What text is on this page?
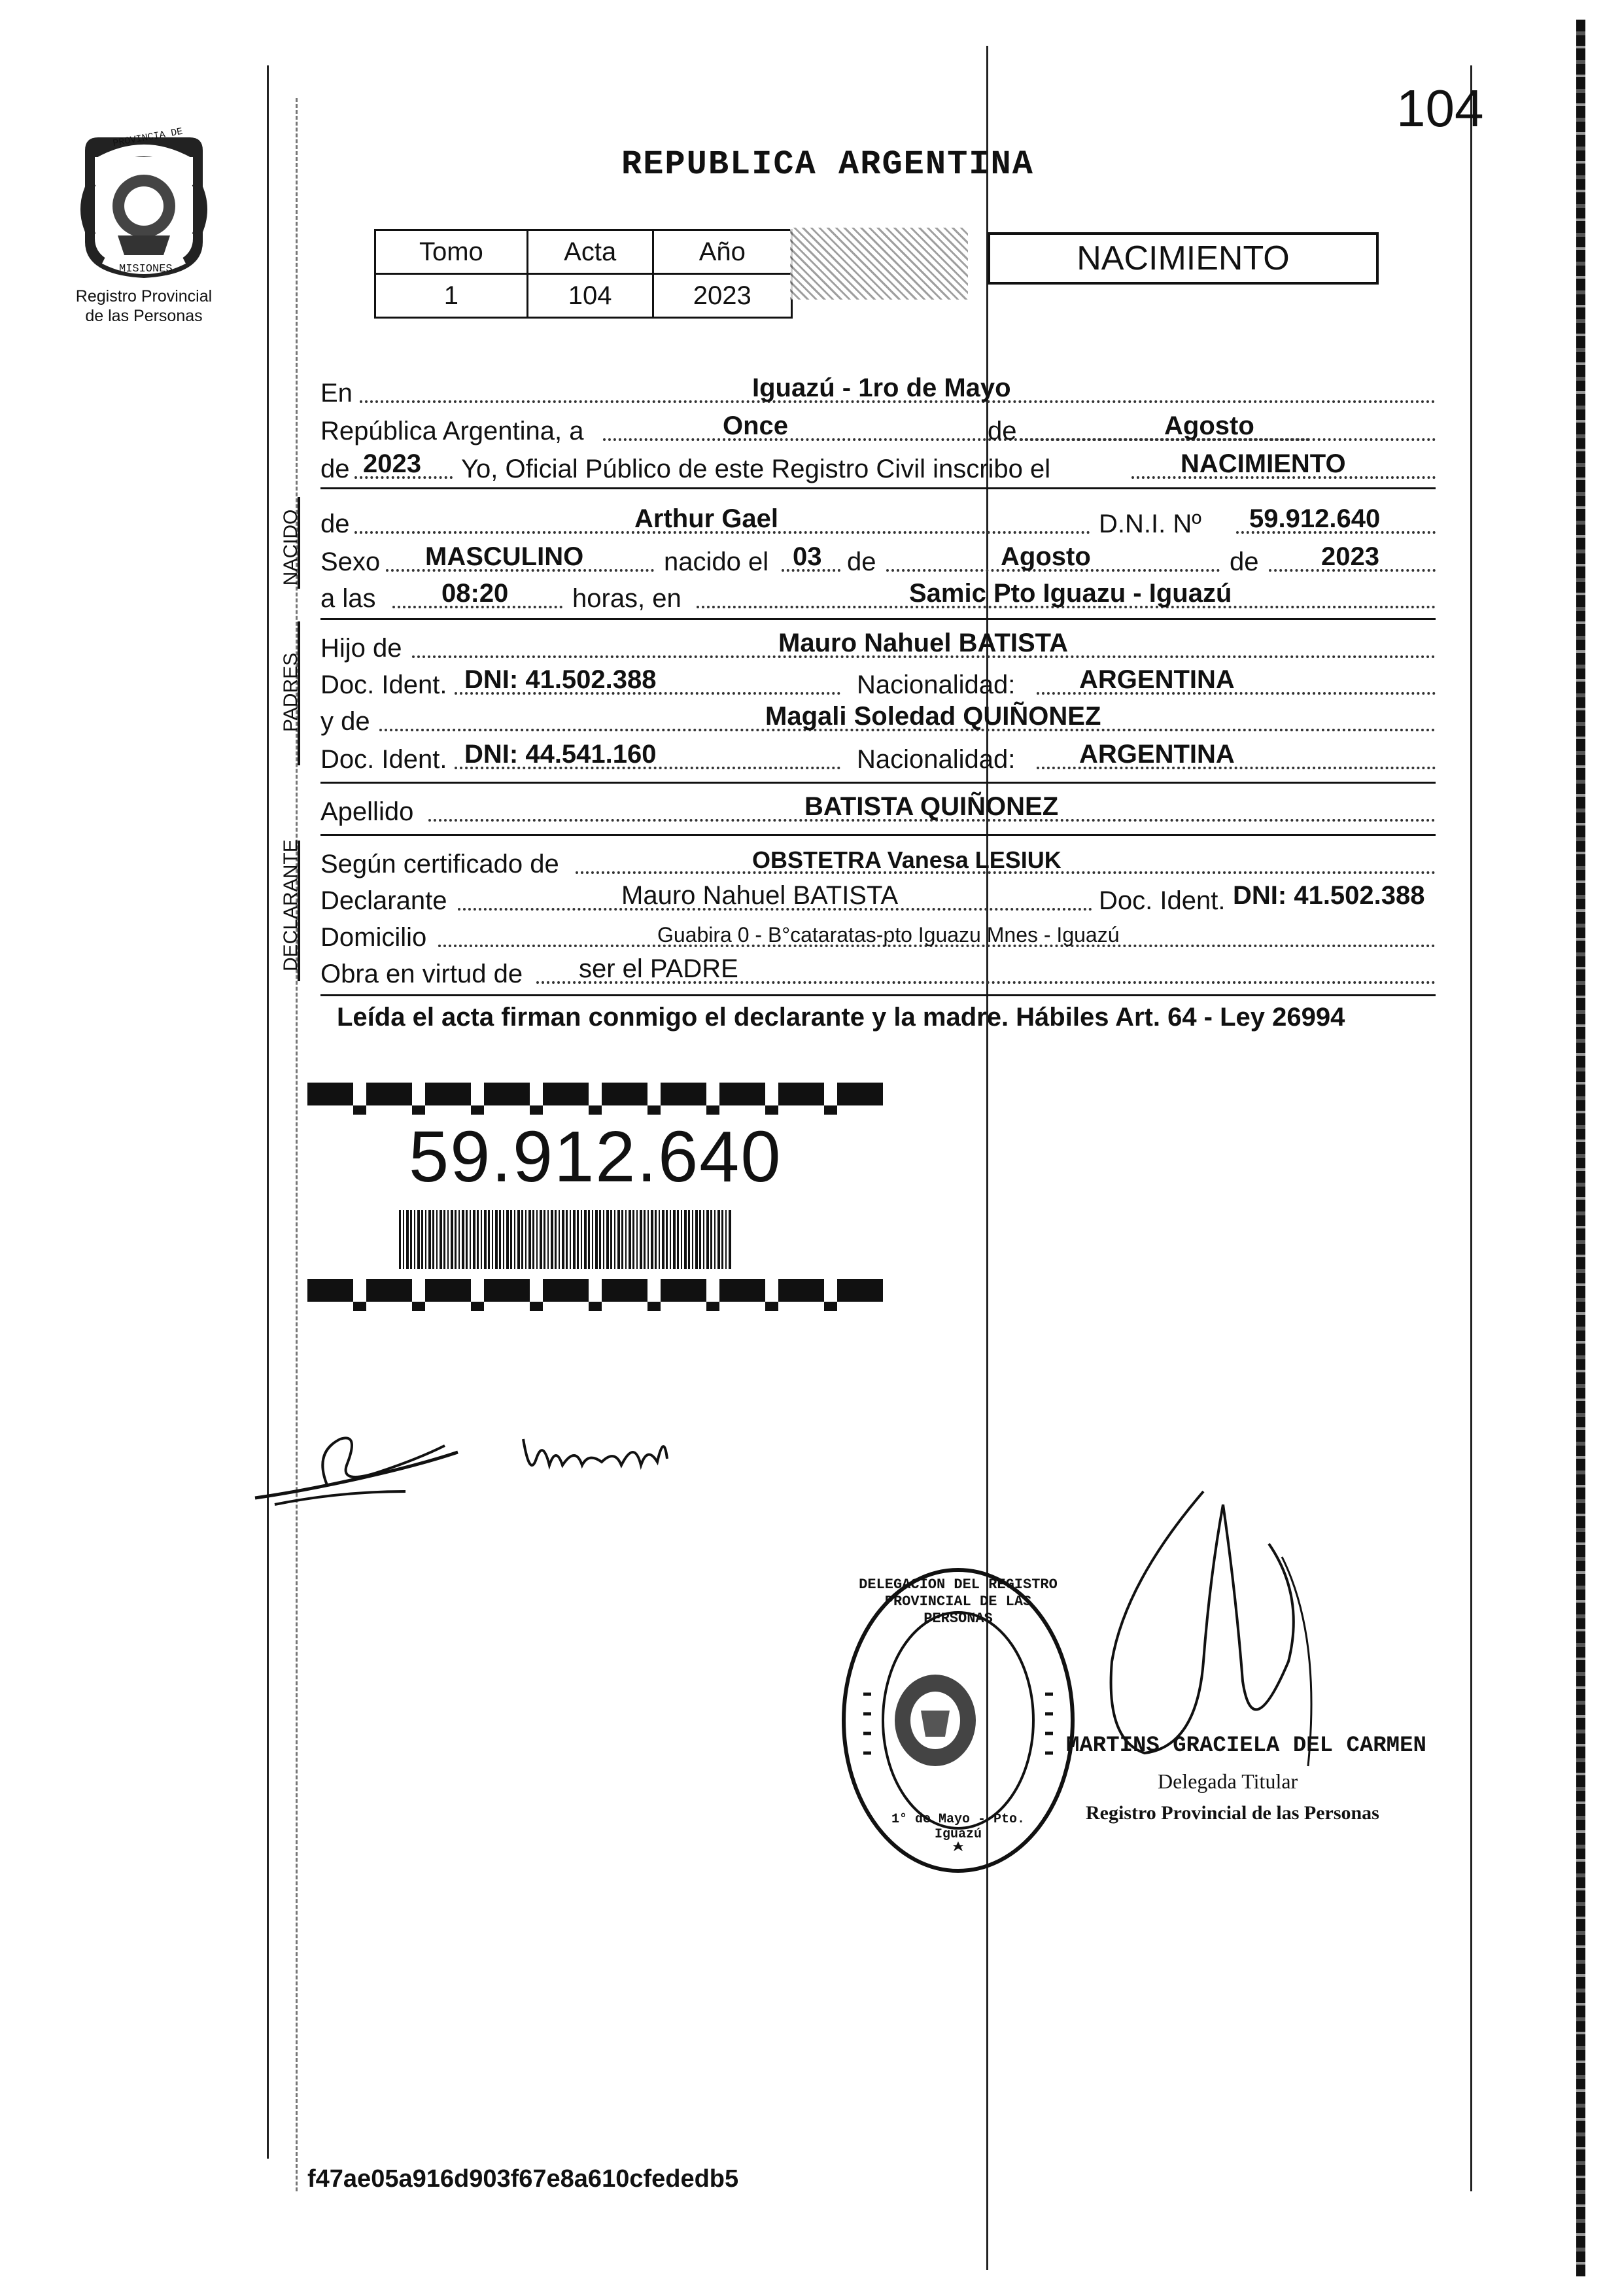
104
PROVINCIA DE
MISIONES
Registro Provincial
de las Personas
REPUBLICA ARGENTINA
Tomo	Acta	Año
1	104	2023
NACIMIENTO
NACIDO
PADRES
DECLARANTE
En	Iguazú - 1ro de Mayo
República Argentina, a	Once	de	Agosto
de 2023 Yo, Oficial Público de este Registro Civil inscribo el	NACIMIENTO
de	Arthur Gael	D.N.I. Nº 59.912.640
Sexo MASCULINO	nacido el 03 de	Agosto	de 2023
a las	08:20 horas, en	Samic Pto Iguazu - Iguazú
Hijo de	Mauro Nahuel BATISTA
Doc. Ident. DNI: 41.502.388	Nacionalidad: ARGENTINA
y de	Magali Soledad QUIÑONEZ
Doc. Ident. DNI: 44.541.160	Nacionalidad: ARGENTINA
Apellido	BATISTA QUIÑONEZ
Según certificado de	OBSTETRA Vanesa LESIUK
Declarante	Mauro Nahuel BATISTA	Doc. Ident. DNI: 41.502.388
Domicilio	Guabira 0 - B°cataratas-pto Iguazu Mnes - Iguazú
Obra en virtud de ser el PADRE
Leída el acta firman conmigo el declarante y la madre. Hábiles Art. 64 - Ley 26994
59.912.640
DELEGACION DEL REGISTRO PROVINCIAL DE LAS PERSONAS
1° de Mayo - Pto. Iguazú
MARTINS GRACIELA DEL CARMEN
Delegada Titular
Registro Provincial de las Personas
f47ae05a916d903f67e8a610cfededb5
